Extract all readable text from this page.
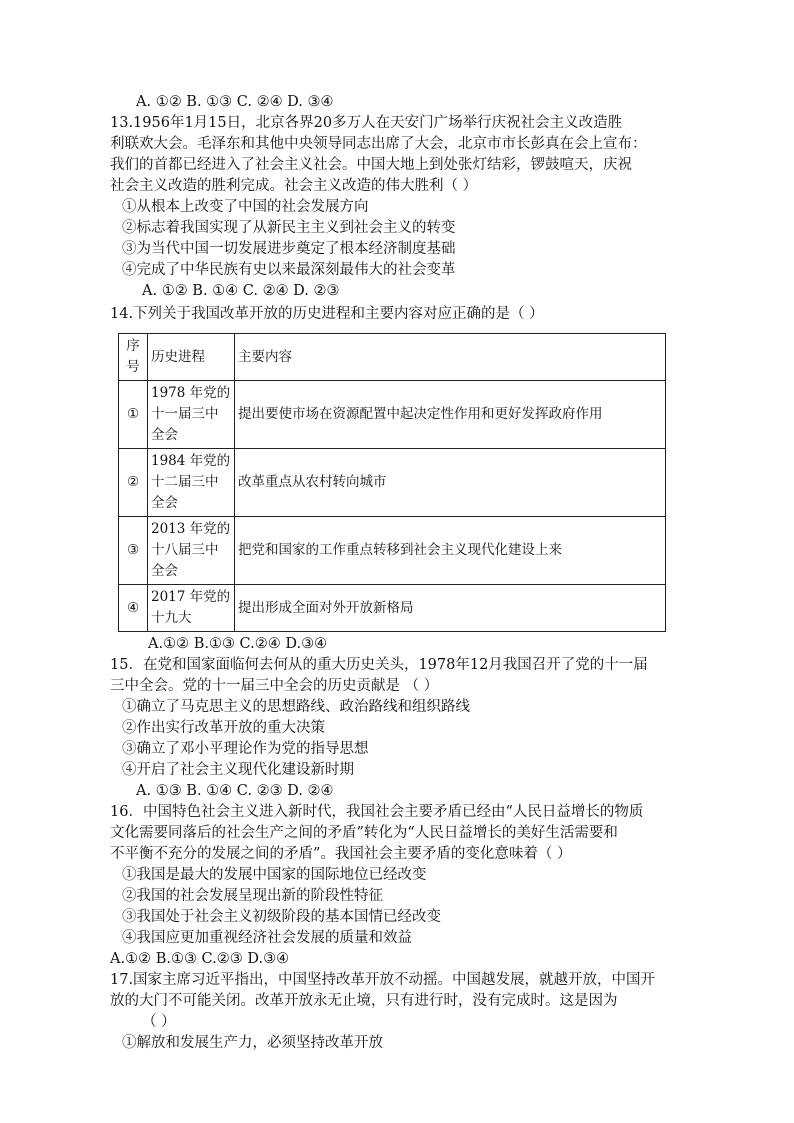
A. ①② B. ①③ C. ②④ D. ③④
13.1956年1月15日，北京各界20多万人在天安门广场举行庆祝社会主义改造胜
利联欢大会。毛泽东和其他中央领导同志出席了大会，北京市市长彭真在会上宣布：
我们的首都已经进入了社会主义社会。中国大地上到处张灯结彩，锣鼓喧天，庆祝
社会主义改造的胜利完成。社会主义改造的伟大胜利（ ）
①从根本上改变了中国的社会发展方向
②标志着我国实现了从新民主主义到社会主义的转变
③为当代中国一切发展进步奠定了根本经济制度基础
④完成了中华民族有史以来最深刻最伟大的社会变革
A. ①② B. ①④ C. ②④ D. ②③
14.下列关于我国改革开放的历史进程和主要内容对应正确的是（ ）
序号	历史进程	主要内容
①	1978 年党的十一届三中全会	提出要使市场在资源配置中起决定性作用和更好发挥政府作用
②	1984 年党的十二届三中全会	改革重点从农村转向城市
③	2013 年党的十八届三中全会	把党和国家的工作重点转移到社会主义现代化建设上来
④	2017 年党的十九大	提出形成全面对外开放新格局
A.①② B.①③ C.②④ D.③④
15．在党和国家面临何去何从的重大历史关头，1978年12月我国召开了党的十一届
三中全会。党的十一届三中全会的历史贡献是 （ ）
①确立了马克思主义的思想路线、政治路线和组织路线
②作出实行改革开放的重大决策
③确立了邓小平理论作为党的指导思想
④开启了社会主义现代化建设新时期
A. ①③ B. ①④ C. ②③ D. ②④
16．中国特色社会主义进入新时代，我国社会主要矛盾已经由“人民日益增长的物质
文化需要同落后的社会生产之间的矛盾”转化为“人民日益增长的美好生活需要和
不平衡不充分的发展之间的矛盾”。我国社会主要矛盾的变化意味着（ ）
①我国是最大的发展中国家的国际地位已经改变
②我国的社会发展呈现出新的阶段性特征
③我国处于社会主义初级阶段的基本国情已经改变
④我国应更加重视经济社会发展的质量和效益
A.①② B.①③ C.②③ D.③④
17.国家主席习近平指出，中国坚持改革开放不动摇。中国越发展，就越开放，中国开
放的大门不可能关闭。改革开放永无止境，只有进行时，没有完成时。这是因为
（ ）
①解放和发展生产力，必须坚持改革开放
